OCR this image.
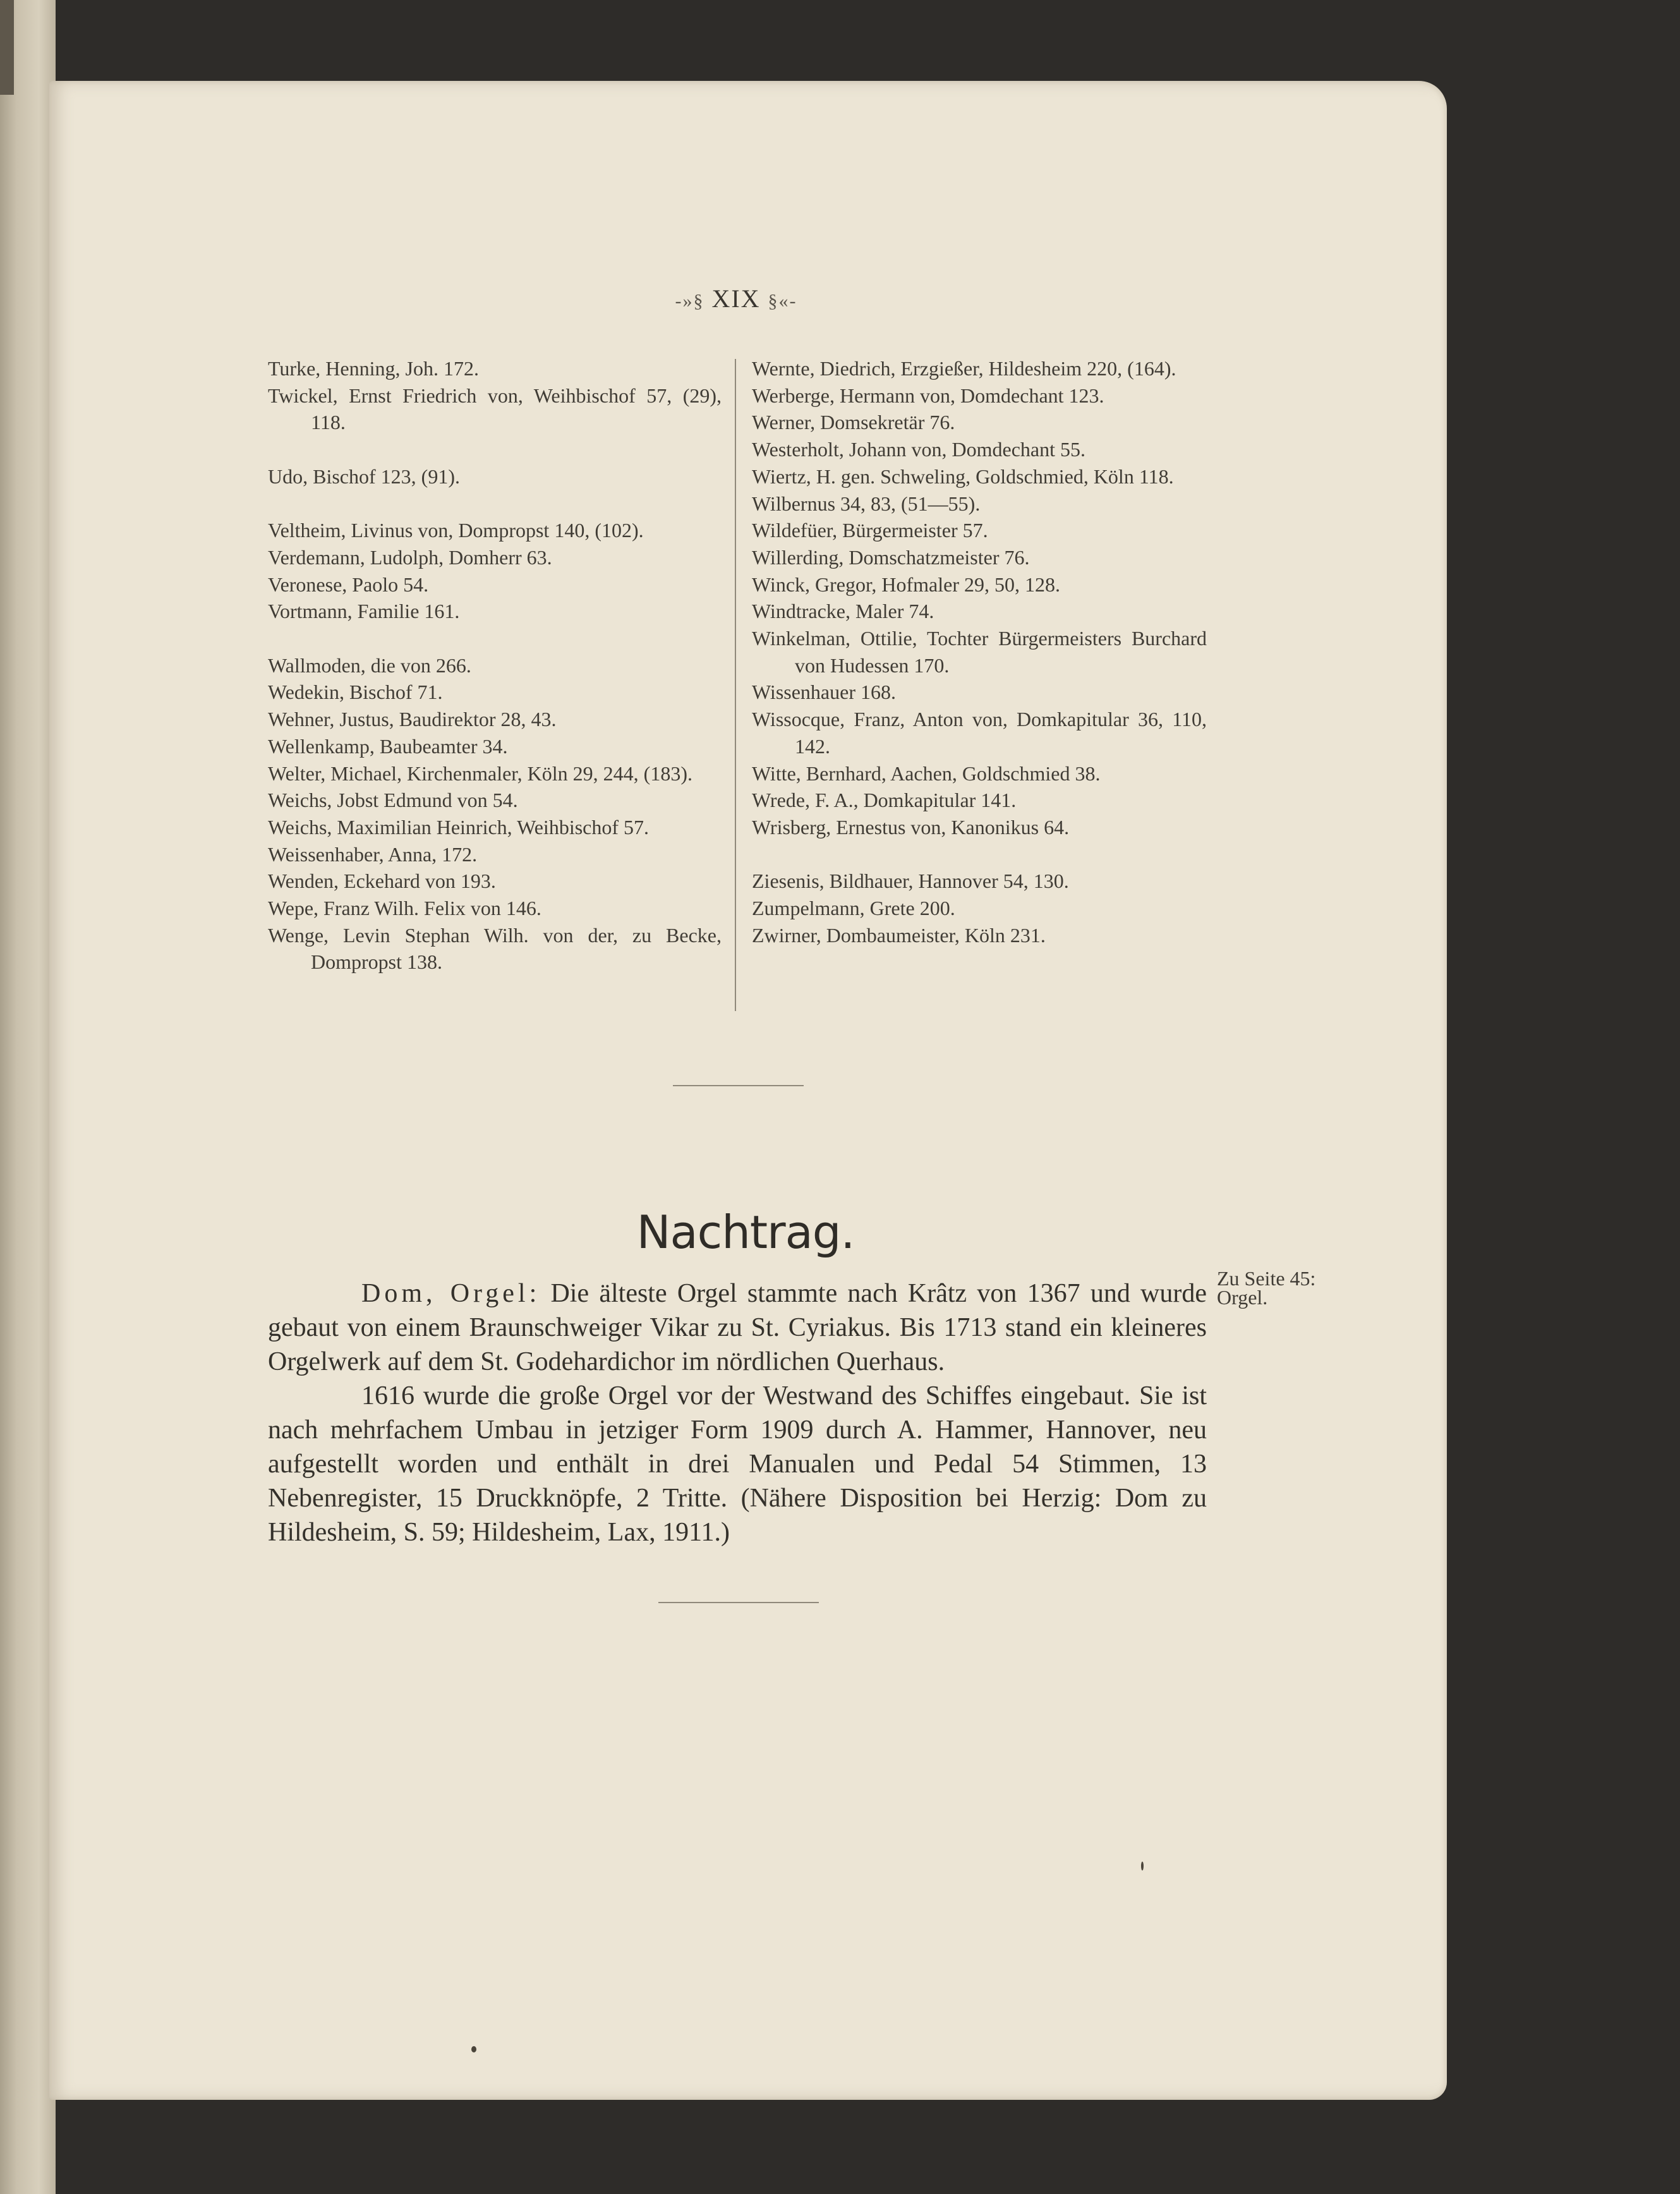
-»§ XIX §«-
Turke, Henning, Joh. 172.
Twickel, Ernst Friedrich von, Weihbischof 57, (29), 118.
Udo, Bischof 123, (91).
Veltheim, Livinus von, Dompropst 140, (102).
Verdemann, Ludolph, Domherr 63.
Veronese, Paolo 54.
Vortmann, Familie 161.
Wallmoden, die von 266.
Wedekin, Bischof 71.
Wehner, Justus, Baudirektor 28, 43.
Wellenkamp, Baubeamter 34.
Welter, Michael, Kirchenmaler, Köln 29, 244, (183).
Weichs, Jobst Edmund von 54.
Weichs, Maximilian Heinrich, Weihbischof 57.
Weissenhaber, Anna, 172.
Wenden, Eckehard von 193.
Wepe, Franz Wilh. Felix von 146.
Wenge, Levin Stephan Wilh. von der, zu Becke, Dompropst 138.
Wernte, Diedrich, Erzgießer, Hildesheim 220, (164).
Werberge, Hermann von, Domdechant 123.
Werner, Domsekretär 76.
Westerholt, Johann von, Domdechant 55.
Wiertz, H. gen. Schweling, Goldschmied, Köln 118.
Wilbernus 34, 83, (51—55).
Wildefüer, Bürgermeister 57.
Willerding, Domschatzmeister 76.
Winck, Gregor, Hofmaler 29, 50, 128.
Windtracke, Maler 74.
Winkelman, Ottilie, Tochter Bürgermeisters Burchard von Hudessen 170.
Wissenhauer 168.
Wissocque, Franz, Anton von, Domkapitular 36, 110, 142.
Witte, Bernhard, Aachen, Goldschmied 38.
Wrede, F. A., Domkapitular 141.
Wrisberg, Ernestus von, Kanonikus 64.
Ziesenis, Bildhauer, Hannover 54, 130.
Zumpelmann, Grete 200.
Zwirner, Dombaumeister, Köln 231.
Nachtrag.
Zu Seite 45:
Orgel.

Dom, Orgel: Die älteste Orgel stammte nach Krâtz von 1367 und wurde gebaut von einem Braunschweiger Vikar zu St. Cyriakus. Bis 1713 stand ein kleineres Orgelwerk auf dem St. Godehardichor im nördlichen Querhaus.

1616 wurde die große Orgel vor der Westwand des Schiffes eingebaut. Sie ist nach mehrfachem Umbau in jetziger Form 1909 durch A. Hammer, Hannover, neu aufgestellt worden und enthält in drei Manualen und Pedal 54 Stimmen, 13 Nebenregister, 15 Druckknöpfe, 2 Tritte. (Nähere Disposition bei Herzig: Dom zu Hildesheim, S. 59; Hildesheim, Lax, 1911.)
